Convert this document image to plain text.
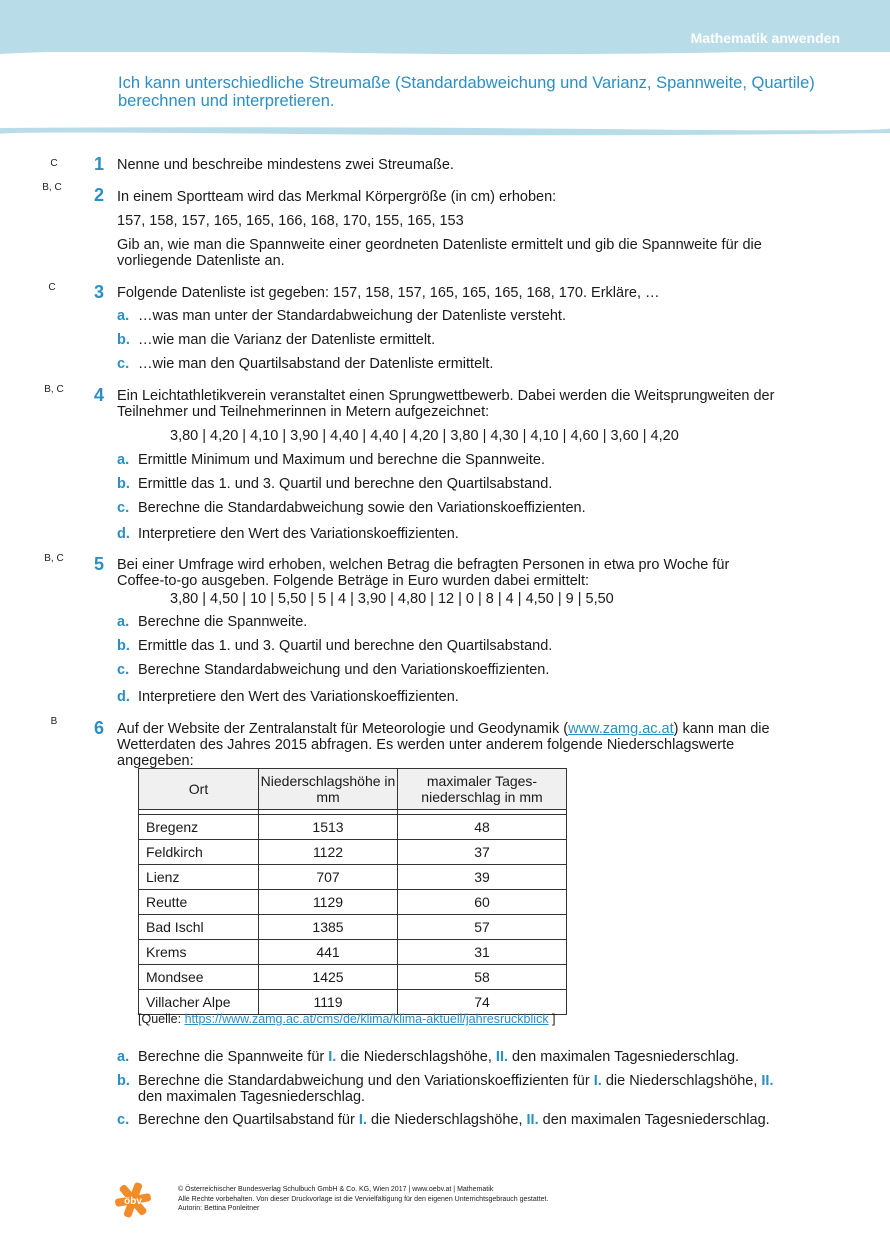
Mathematik anwenden
Ich kann unterschiedliche Streumaße (Standardabweichung und Varianz, Spannweite, Quartile) berechnen und interpretieren.
C	1 Nenne und beschreibe mindestens zwei Streumaße.
B, C	2 In einem Sportteam wird das Merkmal Körpergröße (in cm) erhoben:
157, 158, 157, 165, 165, 166, 168, 170, 155, 165, 153
Gib an, wie man die Spannweite einer geordneten Datenliste ermittelt und gib die Spannweite für die vorliegende Datenliste an.
C	3 Folgende Datenliste ist gegeben: 157, 158, 157, 165, 165, 165, 168, 170. Erkläre, …
a. …was man unter der Standardabweichung der Datenliste versteht.
b. …wie man die Varianz der Datenliste ermittelt.
c. …wie man den Quartilsabstand der Datenliste ermittelt.
B, C	4 Ein Leichtathletikverein veranstaltet einen Sprungwettbewerb. Dabei werden die Weitsprungweiten der Teilnehmer und Teilnehmerinnen in Metern aufgezeichnet:
3,80 | 4,20 | 4,10 | 3,90 | 4,40 | 4,40 | 4,20 | 3,80 | 4,30 | 4,10 | 4,60 | 3,60 | 4,20
a. Ermittle Minimum und Maximum und berechne die Spannweite.
b. Ermittle das 1. und 3. Quartil und berechne den Quartilsabstand.
c. Berechne die Standardabweichung sowie den Variationskoeffizienten.
d. Interpretiere den Wert des Variationskoeffizienten.
B, C	5 Bei einer Umfrage wird erhoben, welchen Betrag die befragten Personen in etwa pro Woche für Coffee-to-go ausgeben. Folgende Beträge in Euro wurden dabei ermittelt:
3,80 | 4,50 | 10 | 5,50 | 5 | 4 | 3,90 | 4,80 | 12 | 0 | 8 | 4 | 4,50 | 9 | 5,50
a. Berechne die Spannweite.
b. Ermittle das 1. und 3. Quartil und berechne den Quartilsabstand.
c. Berechne Standardabweichung und den Variationskoeffizienten.
d. Interpretiere den Wert des Variationskoeffizienten.
B	6 Auf der Website der Zentralanstalt für Meteorologie und Geodynamik (www.zamg.ac.at) kann man die Wetterdaten des Jahres 2015 abfragen. Es werden unter anderem folgende Niederschlagswerte angegeben:
Ort	Niederschlagshöhe in mm	maximaler Tages-niederschlag in mm

Bregenz	1513	48
Feldkirch	1122	37
Lienz	707	39
Reutte	1129	60
Bad Ischl	1385	57
Krems	441	31
Mondsee	1425	58
Villacher Alpe	1119	74
[Quelle: https://www.zamg.ac.at/cms/de/klima/klima-aktuell/jahresruckblick ]
a. Berechne die Spannweite für I. die Niederschlagshöhe, II. den maximalen Tagesniederschlag.
b. Berechne die Standardabweichung und den Variationskoeffizienten für I. die Niederschlagshöhe, II. den maximalen Tagesniederschlag.
c. Berechne den Quartilsabstand für I. die Niederschlagshöhe, II. den maximalen Tagesniederschlag.
öbv
© Österreichischer Bundesverlag Schulbuch GmbH & Co. KG, Wien 2017 | www.oebv.at | Mathematik
Alle Rechte vorbehalten. Von dieser Druckvorlage ist die Vervielfältigung für den eigenen Unterrichtsgebrauch gestattet.
Autorin: Bettina Ponleitner
